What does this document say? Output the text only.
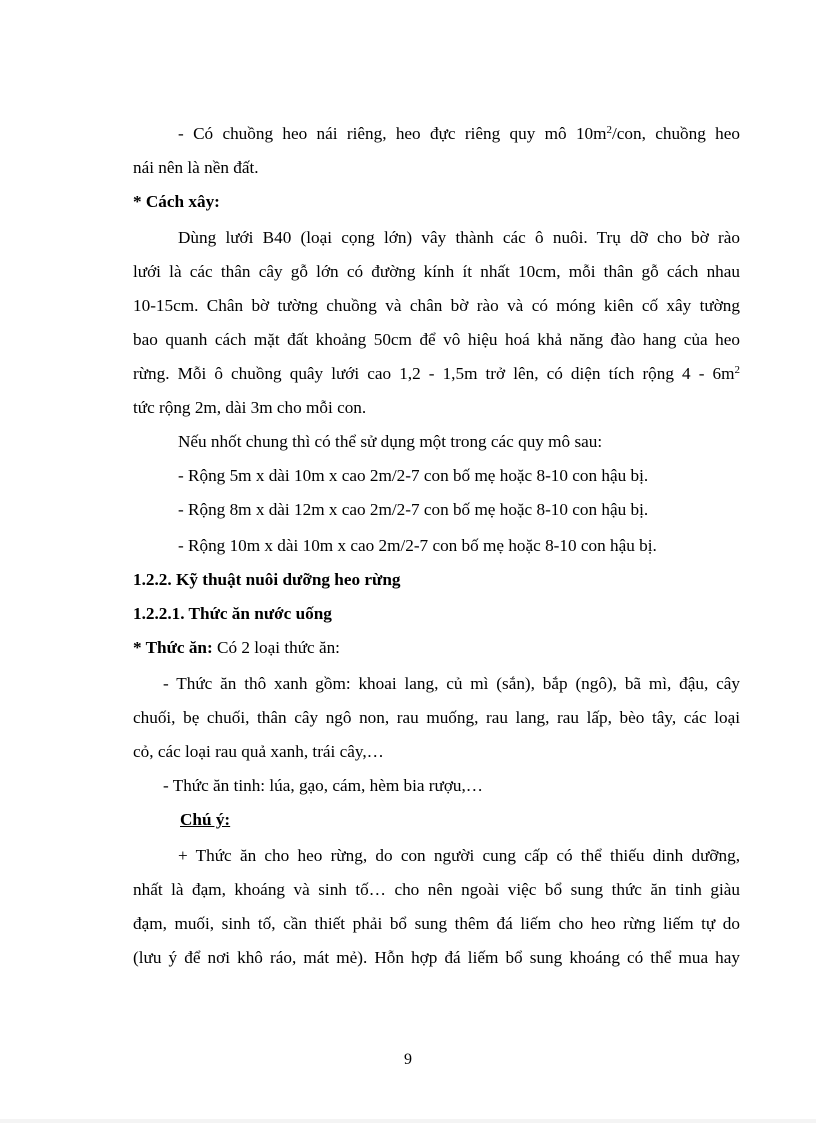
- Có chuồng heo nái riêng, heo đực riêng quy mô $10m^2$/con, chuồng heo
nái nên là nền đất.
* Cách xây:
Dùng lưới B40 (loại cọng lớn) vây thành các ô nuôi. Trụ dỡ cho bờ rào
lưới là các thân cây gỗ lớn có đường kính ít nhất 10cm, mỗi thân gỗ cách nhau
10-15cm. Chân bờ tường chuồng và chân bờ rào và có móng kiên cố xây tường
bao quanh cách mặt đất khoảng 50cm để vô hiệu hoá khả năng đào hang của heo
rừng. Mỗi ô chuồng quây lưới cao 1,2 - 1,5m trở lên, có diện tích rộng $4 - 6m^2$
tức rộng 2m, dài 3m cho mỗi con.
Nếu nhốt chung thì có thể sử dụng một trong các quy mô sau:
- Rộng 5m x dài 10m x cao 2m/2-7 con bố mẹ hoặc 8-10 con hậu bị.
- Rộng 8m x dài 12m x cao 2m/2-7 con bố mẹ hoặc 8-10 con hậu bị.
- Rộng 10m x dài 10m x cao 2m/2-7 con bố mẹ hoặc 8-10 con hậu bị.
1.2.2. Kỹ thuật nuôi dưỡng heo rừng
1.2.2.1. Thức ăn nước uống
* Thức ăn: Có 2 loại thức ăn:
- Thức ăn thô xanh gồm: khoai lang, củ mì (sắn), bắp (ngô), bã mì, đậu, cây
chuối, bẹ chuối, thân cây ngô non, rau muống, rau lang, rau lấp, bèo tây, các loại
cỏ, các loại rau quả xanh, trái cây,…
- Thức ăn tinh: lúa, gạo, cám, hèm bia rượu,…
Chú ý:
+ Thức ăn cho heo rừng, do con người cung cấp có thể thiếu dinh dưỡng,
nhất là đạm, khoáng và sinh tố… cho nên ngoài việc bổ sung thức ăn tinh giàu
đạm, muối, sinh tố, cần thiết phải bổ sung thêm đá liếm cho heo rừng liếm tự do
(lưu ý để nơi khô ráo, mát mẻ). Hỗn hợp đá liếm bổ sung khoáng có thể mua hay
9
